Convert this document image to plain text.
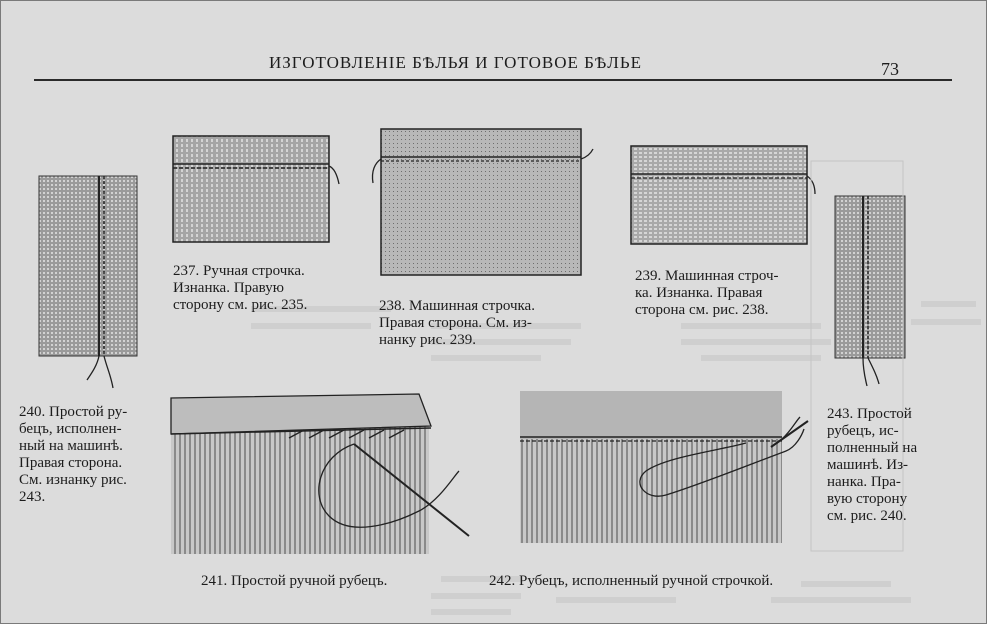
ИЗГОТОВЛЕНІЕ БѢЛЬЯ И ГОТОВОЕ БѢЛЬЕ	73
237. Ручная строчка.
Изнанка. Правую
сторону см. рис. 235.	238. Машинная строчка.
Правая сторона. См. из-
нанку рис. 239.
239. Машинная строч-
ка. Изнанка. Правая
сторона см. рис. 238.
240. Простой ру-
бецъ, исполнен-
ный на машинѣ.
Правая сторона.
См. изнанку рис.
243.
243. Простой
рубецъ, ис-
полненный на
машинѣ. Из-
нанка. Пра-
вую сторону
см. рис. 240.
241. Простой ручной рубецъ.	242. Рубецъ, исполненный ручной строчкой.
